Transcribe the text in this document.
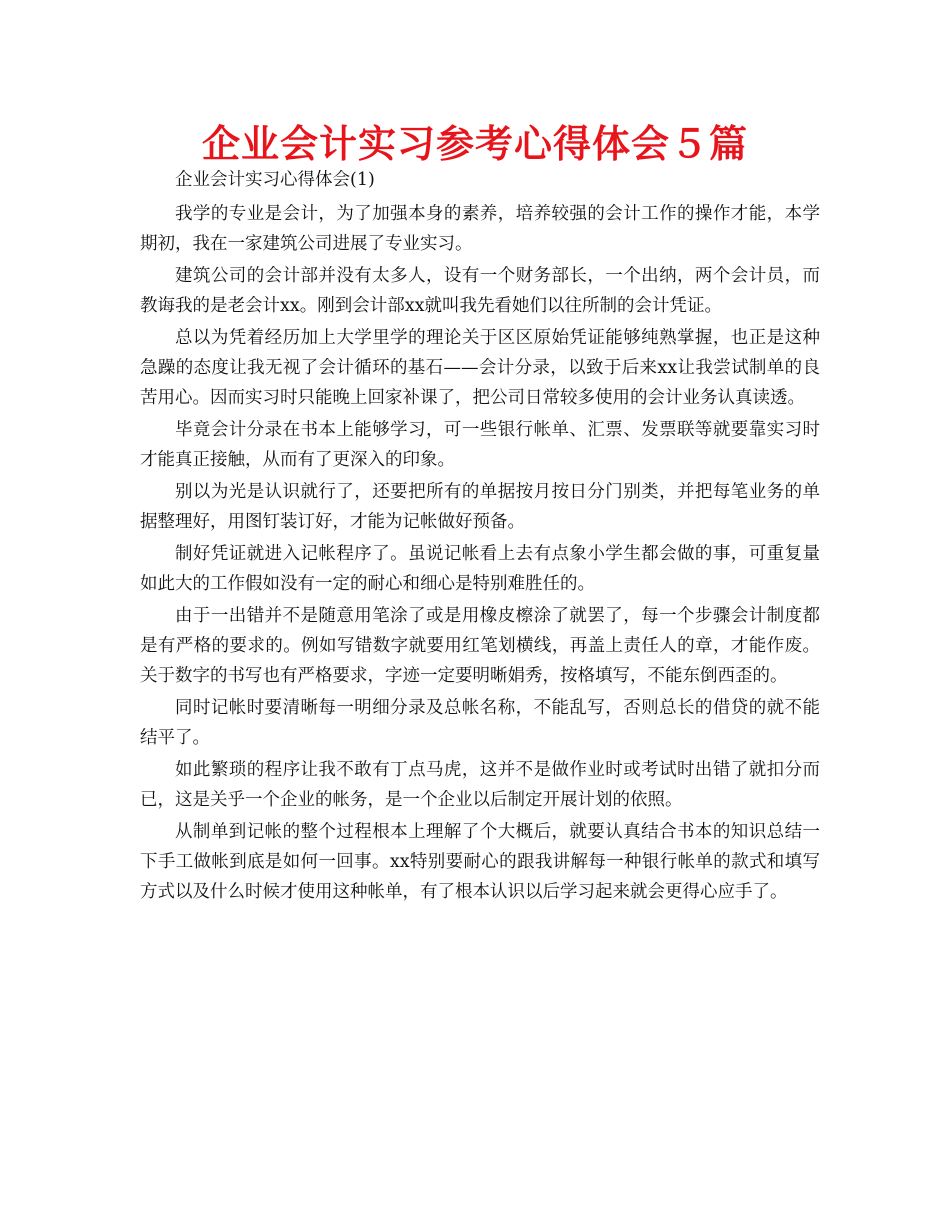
企业会计实习参考心得体会５篇

企业会计实习心得体会(1)

我学的专业是会计，为了加强本身的素养，培养较强的会计工作的操作才能，本学期初，我在一家建筑公司进展了专业实习。

建筑公司的会计部并没有太多人，设有一个财务部长，一个出纳，两个会计员，而教诲我的是老会计xx。刚到会计部xx就叫我先看她们以往所制的会计凭证。

总以为凭着经历加上大学里学的理论关于区区原始凭证能够纯熟掌握，也正是这种急躁的态度让我无视了会计循环的基石——会计分录，以致于后来xx让我尝试制单的良苦用心。因而实习时只能晚上回家补课了，把公司日常较多使用的会计业务认真读透。

毕竟会计分录在书本上能够学习，可一些银行帐单、汇票、发票联等就要靠实习时才能真正接触，从而有了更深入的印象。

别以为光是认识就行了，还要把所有的单据按月按日分门别类，并把每笔业务的单据整理好，用图钉装订好，才能为记帐做好预备。

制好凭证就进入记帐程序了。虽说记帐看上去有点象小学生都会做的事，可重复量如此大的工作假如没有一定的耐心和细心是特别难胜任的。

由于一出错并不是随意用笔涂了或是用橡皮檫涂了就罢了，每一个步骤会计制度都是有严格的要求的。例如写错数字就要用红笔划横线，再盖上责任人的章，才能作废。关于数字的书写也有严格要求，字迹一定要明晰娟秀，按格填写，不能东倒西歪的。

同时记帐时要清晰每一明细分录及总帐名称，不能乱写，否则总长的借贷的就不能结平了。

如此繁琐的程序让我不敢有丁点马虎，这并不是做作业时或考试时出错了就扣分而已，这是关乎一个企业的帐务，是一个企业以后制定开展计划的依照。

从制单到记帐的整个过程根本上理解了个大概后，就要认真结合书本的知识总结一下手工做帐到底是如何一回事。xx特别要耐心的跟我讲解每一种银行帐单的款式和填写方式以及什么时候才使用这种帐单，有了根本认识以后学习起来就会更得心应手了。
